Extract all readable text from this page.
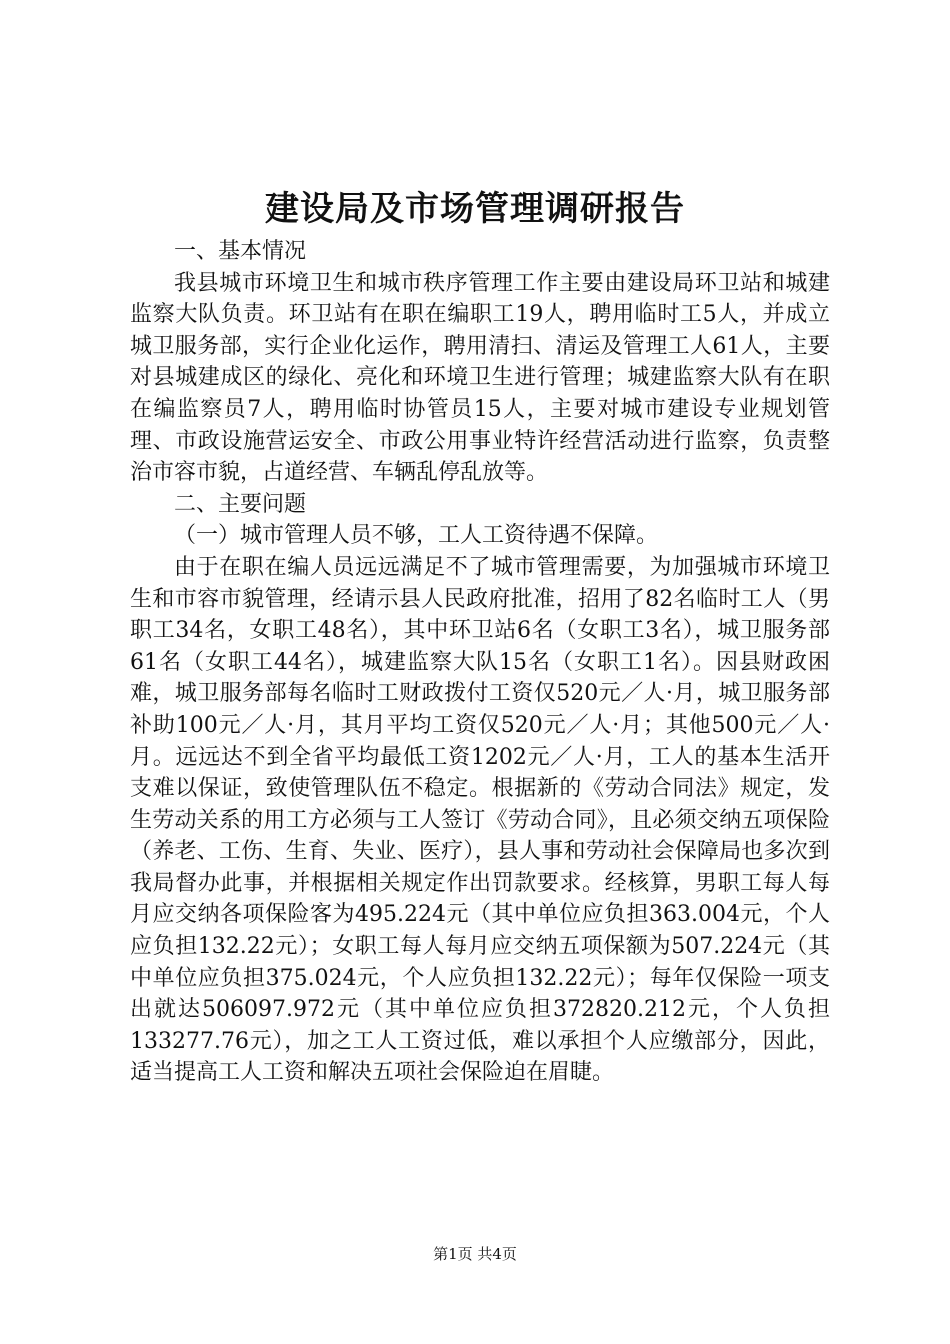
建设局及市场管理调研报告

一、基本情况

我县城市环境卫生和城市秩序管理工作主要由建设局环卫站和城建监察大队负责。环卫站有在职在编职工19人，聘用临时工5人，并成立城卫服务部，实行企业化运作，聘用清扫、清运及管理工人61人，主要对县城建成区的绿化、亮化和环境卫生进行管理；城建监察大队有在职在编监察员7人，聘用临时协管员15人，主要对城市建设专业规划管理、市政设施营运安全、市政公用事业特许经营活动进行监察，负责整治市容市貌，占道经营、车辆乱停乱放等。

二、主要问题

（一）城市管理人员不够，工人工资待遇不保障。

由于在职在编人员远远满足不了城市管理需要，为加强城市环境卫生和市容市貌管理，经请示县人民政府批准，招用了82名临时工人（男职工34名，女职工48名），其中环卫站6名（女职工3名），城卫服务部61名（女职工44名），城建监察大队15名（女职工1名）。因县财政困难，城卫服务部每名临时工财政拨付工资仅520元／人·月，城卫服务部补助100元／人·月，其月平均工资仅520元／人·月；其他500元／人·月。远远达不到全省平均最低工资1202元／人·月，工人的基本生活开支难以保证，致使管理队伍不稳定。根据新的《劳动合同法》规定，发生劳动关系的用工方必须与工人签订《劳动合同》，且必须交纳五项保险（养老、工伤、生育、失业、医疗），县人事和劳动社会保障局也多次到我局督办此事，并根据相关规定作出罚款要求。经核算，男职工每人每月应交纳各项保险客为495.224元（其中单位应负担363.004元，个人应负担132.22元）；女职工每人每月应交纳五项保额为507.224元（其中单位应负担375.024元，个人应负担132.22元）；每年仅保险一项支出就达506097.972元（其中单位应负担372820.212元，个人负担133277.76元），加之工人工资过低，难以承担个人应缴部分，因此，适当提高工人工资和解决五项社会保险迫在眉睫。

第1页 共4页
